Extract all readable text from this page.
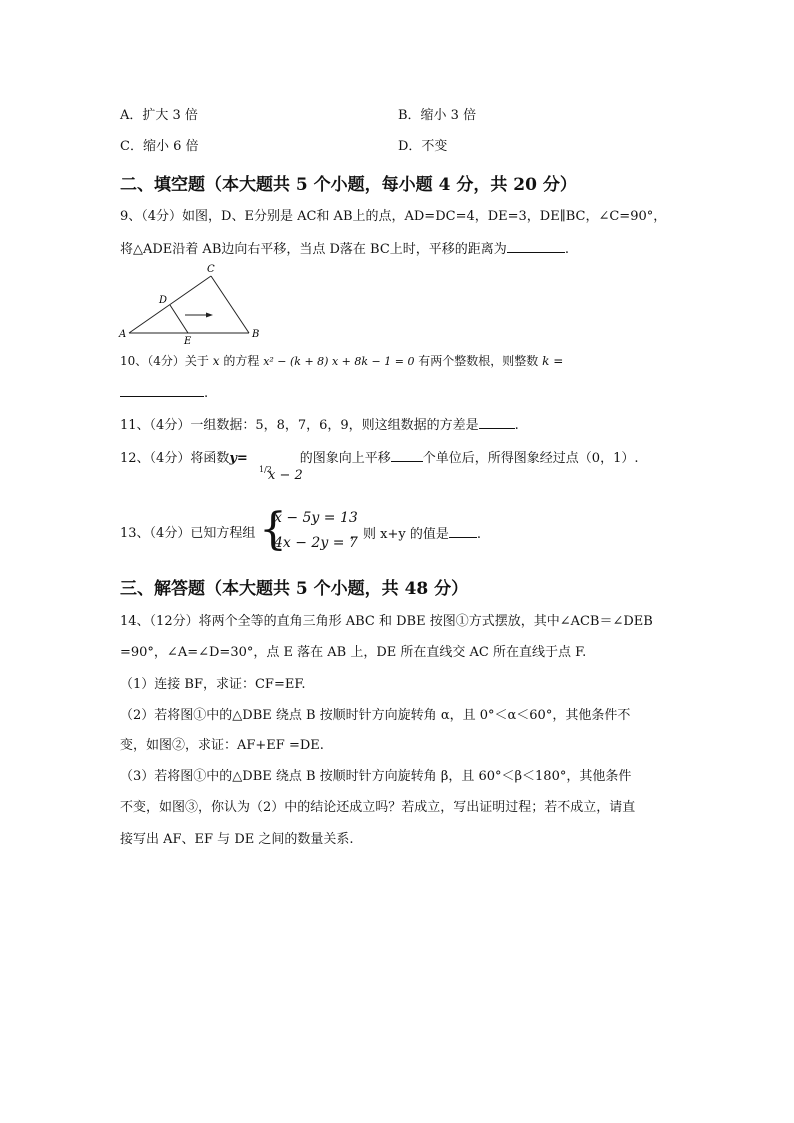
A．扩大 3 倍	B．缩小 3 倍
C．缩小 6 倍	D．不变
二、填空题（本大题共 5 个小题，每小题 4 分，共 20 分）
9、（4分）如图，D、E分别是 AC和 AB上的点，AD=DC=4，DE=3，DE∥BC，∠C=90°，
将△ADE沿着 AB边向右平移，当点 D落在 BC上时，平移的距离为	.
C
D
A
E
B
10、（4分）关于 x 的方程 x² − (k + 8) x + 8k − 1 = 0 有两个整数根，则整数 k =
.
11、（4分）一组数据：5，8，7，6，9，则这组数据的方差是	.
12、（4分）将函数y=	的图象向上平移 个单位后，所得图象经过点（0，1）.
1/2
x − 2
13、（4分）已知方程组 {
x − 5y = 13
4x − 2y = 7
，则 x+y 的值是 .
三、解答题（本大题共 5 个小题，共 48 分）
14、（12分）将两个全等的直角三角形 ABC 和 DBE 按图①方式摆放，其中∠ACB＝∠DEB
=90°，∠A=∠D=30°，点 E 落在 AB 上，DE 所在直线交 AC 所在直线于点 F.
（1）连接 BF，求证：CF=EF.
（2）若将图①中的△DBE 绕点 B 按顺时针方向旋转角 α，且 0°＜α＜60°，其他条件不
变，如图②，求证：AF+EF =DE.
（3）若将图①中的△DBE 绕点 B 按顺时针方向旋转角 β，且 60°＜β＜180°，其他条件
不变，如图③，你认为（2）中的结论还成立吗？若成立，写出证明过程；若不成立，请直
接写出 AF、EF 与 DE 之间的数量关系.
